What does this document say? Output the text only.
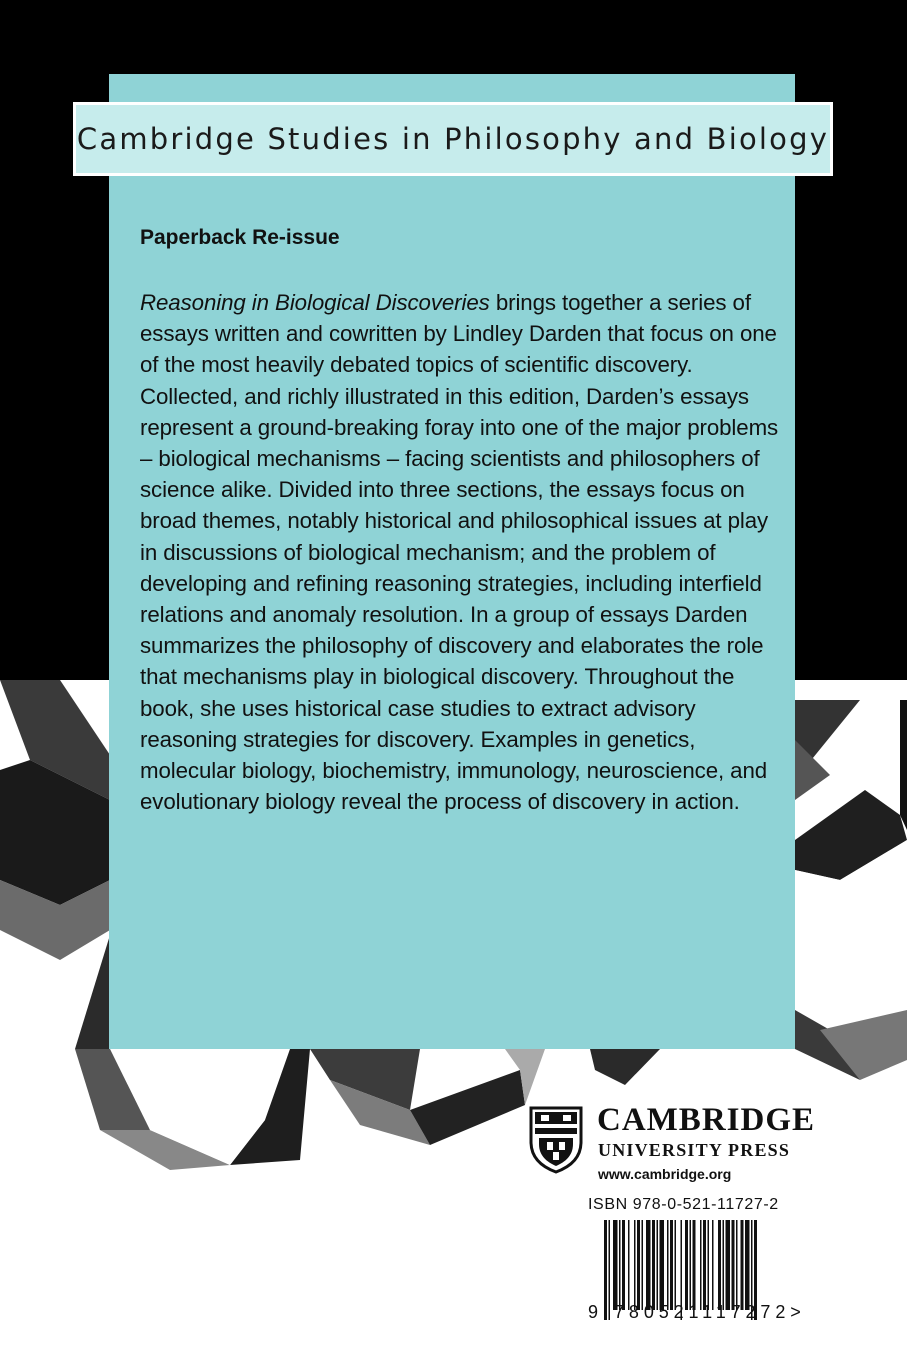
Cambridge Studies in Philosophy and Biology
Paperback Re-issue
Reasoning in Biological Discoveries brings together a series of essays written and cowritten by Lindley Darden that focus on one of the most heavily debated topics of scientific discovery. Collected, and richly illustrated in this edition, Darden’s essays represent a ground-breaking foray into one of the major problems – biological mechanisms – facing scientists and philosophers of science alike. Divided into three sections, the essays focus on broad themes, notably historical and philosophical issues at play in discussions of biological mechanism; and the problem of developing and refining reasoning strategies, including interfield relations and anomaly resolution. In a group of essays Darden summarizes the philosophy of discovery and elaborates the role that mechanisms play in biological discovery. Throughout the book, she uses historical case studies to extract advisory reasoning strategies for discovery. Examples in genetics, molecular biology, biochemistry, immunology, neuroscience, and evolutionary biology reveal the process of discovery in action.
CAMBRIDGE
UNIVERSITY PRESS
www.cambridge.org
ISBN 978-0-521-11727-2
9 780521117272>
